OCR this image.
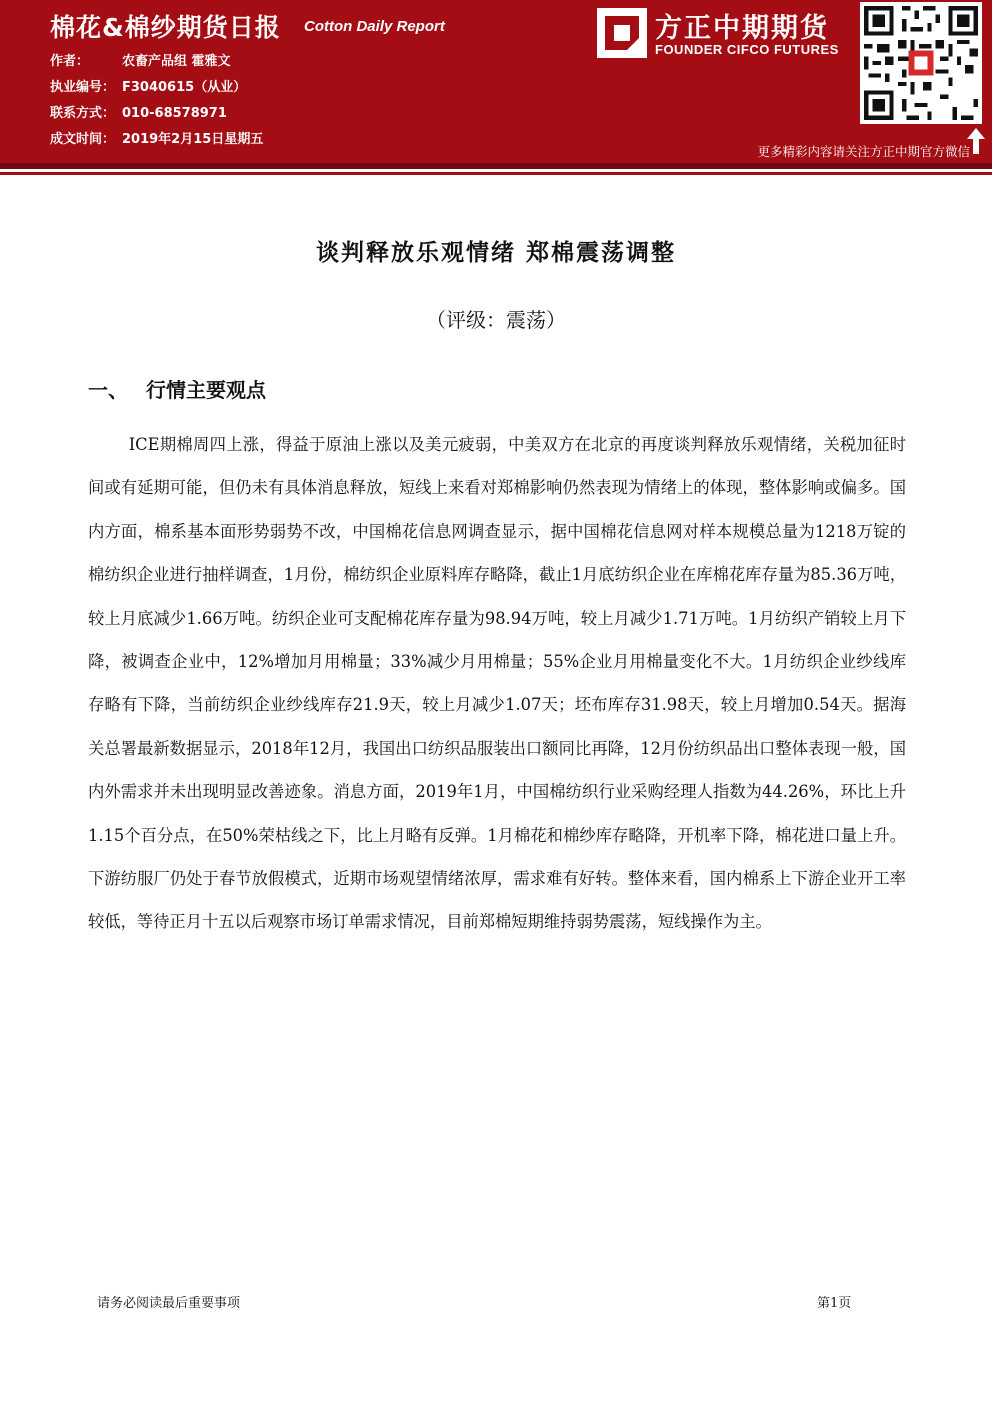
棉花&棉纱期货日报 Cotton Daily Report
作者：	农畜产品组 霍雅文
执业编号： F3040615（从业）
联系方式： 010-68578971
成文时间： 2019年2月15日星期五
方正中期期货
FOUNDER CIFCO FUTURES
更多精彩内容请关注方正中期官方微信
谈判释放乐观情绪 郑棉震荡调整
（评级：震荡）
一、 行情主要观点

ICE期棉周四上涨，得益于原油上涨以及美元疲弱，中美双方在北京的再度谈判释放乐观情绪，关税加征时间或有延期可能，但仍未有具体消息释放，短线上来看对郑棉影响仍然表现为情绪上的体现，整体影响或偏多。国内方面，棉系基本面形势弱势不改，中国棉花信息网调查显示，据中国棉花信息网对样本规模总量为1218万锭的棉纺织企业进行抽样调查，1月份，棉纺织企业原料库存略降，截止1月底纺织企业在库棉花库存量为85.36万吨，较上月底减少1.66万吨。纺织企业可支配棉花库存量为98.94万吨，较上月减少1.71万吨。1月纺织产销较上月下降，被调查企业中，12%增加月用棉量；33%减少月用棉量；55%企业月用棉量变化不大。1月纺织企业纱线库存略有下降，当前纺织企业纱线库存21.9天，较上月减少1.07天；坯布库存31.98天，较上月增加0.54天。据海关总署最新数据显示，2018年12月，我国出口纺织品服装出口额同比再降，12月份纺织品出口整体表现一般，国内外需求并未出现明显改善迹象。消息方面，2019年1月，中国棉纺织行业采购经理人指数为44.26%，环比上升1.15个百分点，在50%荣枯线之下，比上月略有反弹。1月棉花和棉纱库存略降，开机率下降，棉花进口量上升。下游纺服厂仍处于春节放假模式，近期市场观望情绪浓厚，需求难有好转。整体来看，国内棉系上下游企业开工率较低，等待正月十五以后观察市场订单需求情况，目前郑棉短期维持弱势震荡，短线操作为主。

请务必阅读最后重要事项	第1页
